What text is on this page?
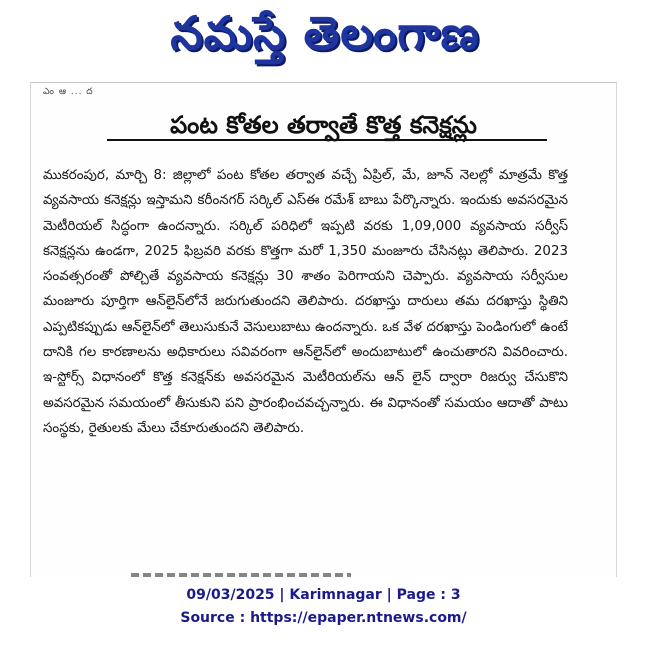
నమస్తే తెలంగాణ
ఎం ఆ ... ద
పంట కోతల తర్వాతే కొత్త కనెక్షన్లు

ముకరంపుర, మార్చి 8: జిల్లాలో పంట కోతల తర్వాత వచ్చే ఏప్రిల్, మే, జూన్ నెలల్లో మాత్రమే కొత్త వ్యవసాయ కనెక్షన్లు ఇస్తామని కరీంనగర్ సర్కిల్ ఎస్ఈ రమేశ్ బాబు పేర్కొన్నారు. ఇందుకు అవసరమైన మెటీరియల్ సిద్ధంగా ఉందన్నారు. సర్కిల్ పరిధిలో ఇప్పటి వరకు 1,09,000 వ్యవసాయ సర్వీస్ కనెక్షన్లను ఉండగా, 2025 ఫిబ్రవరి వరకు కొత్తగా మరో 1,350 మంజూరు చేసినట్లు తెలిపారు. 2023 సంవత్సరంతో పోల్చితే వ్యవసాయ కనెక్షన్లు 30 శాతం పెరిగాయని చెప్పారు. వ్యవసాయ సర్వీసుల మంజూరు పూర్తిగా ఆన్‌లైన్‌లోనే జరుగుతుందని తెలిపారు. దరఖాస్తు దారులు తమ దరఖాస్తు స్థితిని ఎప్పటికప్పుడు ఆన్‌లైన్‌లో తెలుసుకునే వెసులుబాటు ఉందన్నారు. ఒక వేళ దరఖాస్తు పెండింగులో ఉంటే దానికి గల కారణాలను అధికారులు సవివరంగా ఆన్‌లైన్‌లో అందుబాటులో ఉంచుతారని వివరించారు. ఇ-స్టోర్స్ విధానంలో కొత్త కనెక్షన్‌కు అవసరమైన మెటీరియల్‌ను ఆన్ లైన్ ద్వారా రిజర్వు చేసుకొని అవసరమైన సమయంలో తీసుకుని పని ప్రారంభించవచ్చన్నారు. ఈ విధానంతో సమయం ఆదాతో పాటు సంస్థకు, రైతులకు మేలు చేకూరుతుందని తెలిపారు.

09/03/2025 | Karimnagar | Page : 3
Source : https://epaper.ntnews.com/
